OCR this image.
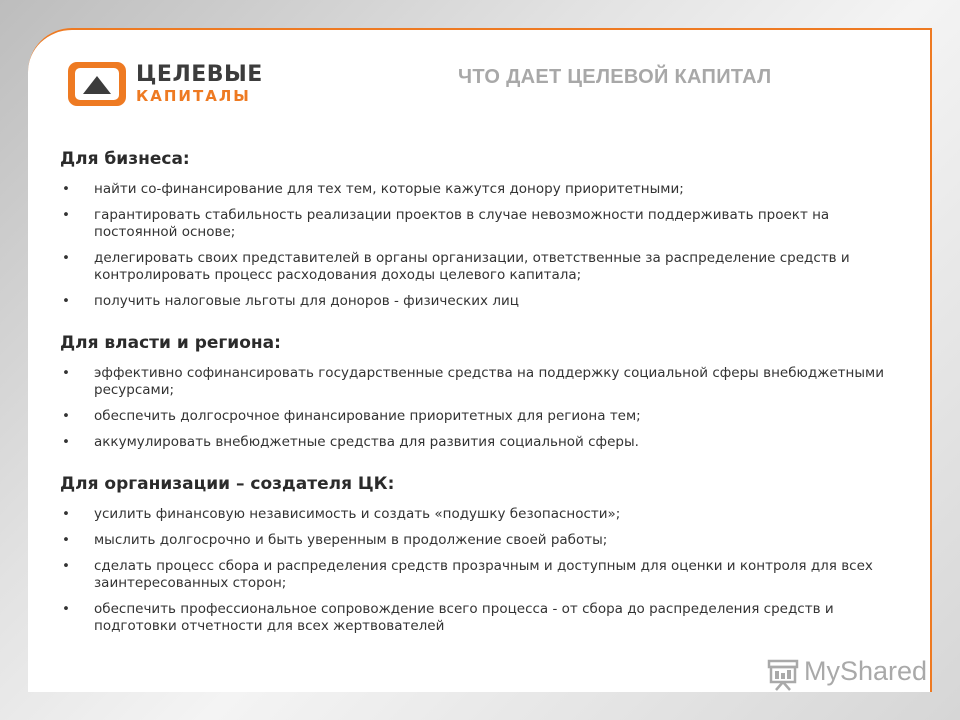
ЦЕЛЕВЫЕ
КАПИТАЛЫ
ЧТО ДАЕТ ЦЕЛЕВОЙ КАПИТАЛ
Для бизнеса:
• найти со-финансирование для тех тем, которые кажутся донору приоритетными;
• гарантировать стабильность реализации проектов в случае невозможности поддерживать проект на постоянной основе;
• делегировать своих представителей в органы организации, ответственные за распределение средств и контролировать процесс расходования доходы целевого капитала;
• получить налоговые льготы для доноров - физических лиц
Для власти и региона:
• эффективно софинансировать государственные средства на поддержку социальной сферы внебюджетными ресурсами;
• обеспечить долгосрочное финансирование приоритетных для региона тем;
• аккумулировать внебюджетные средства для развития социальной сферы.
Для организации – создателя ЦК:
• усилить финансовую независимость и создать «подушку безопасности»;
• мыслить долгосрочно и быть уверенным в продолжение своей работы;
• сделать процесс сбора и распределения средств прозрачным и доступным для оценки и контроля для всех заинтересованных сторон;
• обеспечить профессиональное сопровождение всего процесса - от сбора до распределения средств и подготовки отчетности для всех жертвователей
MyShared
